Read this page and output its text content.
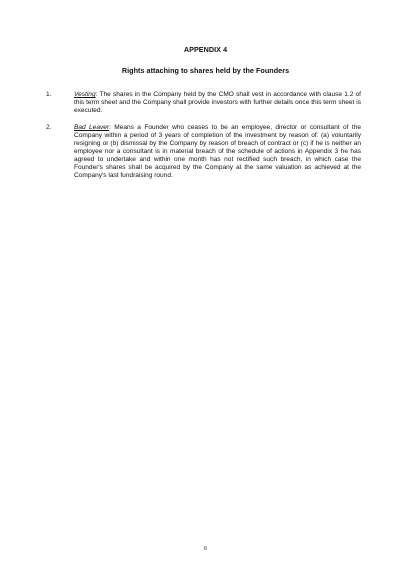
APPENDIX 4
Rights attaching to shares held by the Founders
1.	Vesting: The shares in the Company held by the CMO shall vest in accordance with clause 1.2 of this term sheet and the Company shall provide investors with further details once this term sheet is executed.
2.	Bad Leaver: Means a Founder who ceases to be an employee, director or consultant of the Company within a period of 3 years of completion of the investment by reason of: (a) voluntarily resigning or (b) dismissal by the Company by reason of breach of contract or (c) if he is neither an employee nor a consultant is in material breach of the schedule of actions in Appendix 3 he has agreed to undertake and within one month has not rectified such breach, in which case the Founder's shares shall be acquired by the Company at the same valuation as achieved at the Company's last fundraising round.
6
